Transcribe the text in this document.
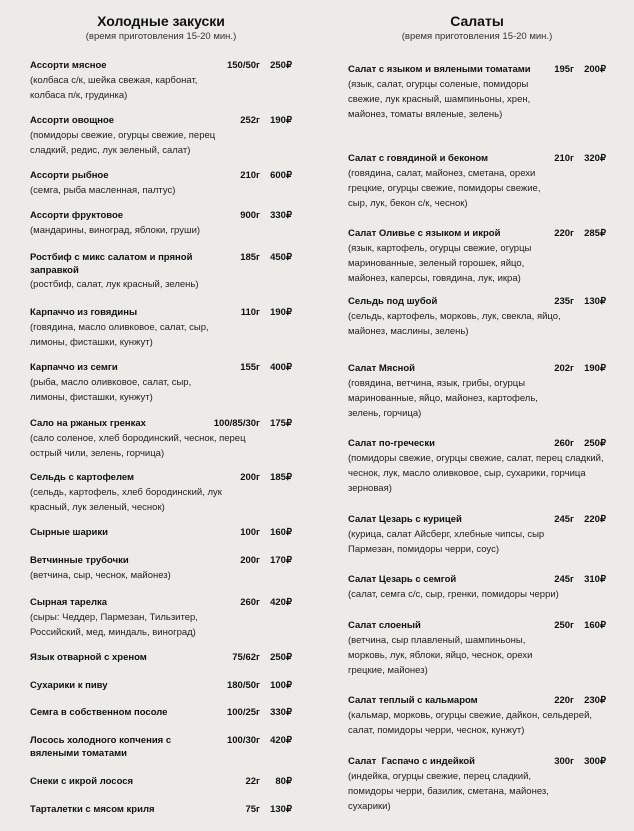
Холодные закуски
(время приготовления 15-20 мин.)
Ассорти мясное	150/50г 250₽
(колбаса с/к, шейка свежая, карбонат, колбаса п/к, грудинка)
Ассорти овощное	252г 190₽
(помидоры свежие, огурцы свежие, перец сладкий, редис, лук зеленый, салат)
Ассорти рыбное	210г 600₽
(семга, рыба масленная, палтус)
Ассорти фруктовое	900г 330₽
(мандарины, виноград, яблоки, груши)
Ростбиф с микс салатом и пряной заправкой
185г 450₽
(ростбиф, салат, лук красный, зелень)
Карпаччо из говядины	110г 190₽
(говядина, масло оливковое, салат, сыр, лимоны, фисташки, кунжут)
Карпаччо из семги	155г 400₽
(рыба, масло оливковое, салат, сыр, лимоны, фисташки, кунжут)
Сало на ржаных гренках	100/85/30г 175₽
(сало соленое, хлеб бородинский, чеснок, перец острый чили, зелень, горчица)
Сельдь с картофелем	200г 185₽
(сельдь, картофель, хлеб бородинский, лук красный, лук зеленый, чеснок)
Сырные шарики	100г 160₽
Ветчинные трубочки	200г 170₽
(ветчина, сыр, чеснок, майонез)
Сырная тарелка	260г 420₽
(сыры: Чеддер, Пармезан, Тильзитер, Российский, мед, миндаль, виноград)
Язык отварной с хреном	75/62г 250₽
Сухарики к пиву	180/50г 100₽
Семга в собственном посоле	100/25г 330₽
Лосось холодного копчения с вялеными томатами
100/30г 420₽
Снеки с икрой лосося	22г 80₽
Тарталетки с мясом криля	75г 130₽
Салаты
(время приготовления 15-20 мин.)
Салат с языком и вялеными томатами	195г 200₽
(язык, салат, огурцы соленые, помидоры свежие, лук красный, шампиньоны, хрен, майонез, томаты вяленые, зелень)
Салат с говядиной и беконом	210г 320₽
(говядина, салат, майонез, сметана, орехи грецкие, огурцы свежие, помидоры свежие, сыр, лук, бекон с/к, чеснок)
Салат Оливье с языком и икрой	220г 285₽
(язык, картофель, огурцы свежие, огурцы маринованные, зеленый горошек, яйцо, майонез, каперсы, говядина, лук, икра)
Сельдь под шубой	235г 130₽
(сельдь, картофель, морковь, лук, свекла, яйцо, майонез, маслины, зелень)
Салат Мясной	202г 190₽
(говядина, ветчина, язык, грибы, огурцы маринованные, яйцо, майонез, картофель, зелень, горчица)
Салат по-гречески	260г 250₽
(помидоры свежие, огурцы свежие, салат, перец сладкий, чеснок, лук, масло оливковое, сыр, сухарики, горчица зерновая)
Салат Цезарь с курицей	245г 220₽
(курица, салат Айсберг, хлебные чипсы, сыр Пармезан, помидоры черри, соус)
Салат Цезарь с семгой	245г 310₽
(салат, семга с/с, сыр, гренки, помидоры черри)
Салат слоеный	250г 160₽
(ветчина, сыр плавленый, шампиньоны, морковь, лук, яблоки, яйцо, чеснок, орехи грецкие, майонез)
Салат теплый с кальмаром	220г 230₽
(кальмар, морковь, огурцы свежие, дайкон, сельдерей, салат, помидоры черри, чеснок, кунжут)
Салат  Гаспачо с индейкой	300г 300₽
(индейка, огурцы свежие, перец сладкий, помидоры черри, базилик, сметана, майонез, сухарики)
